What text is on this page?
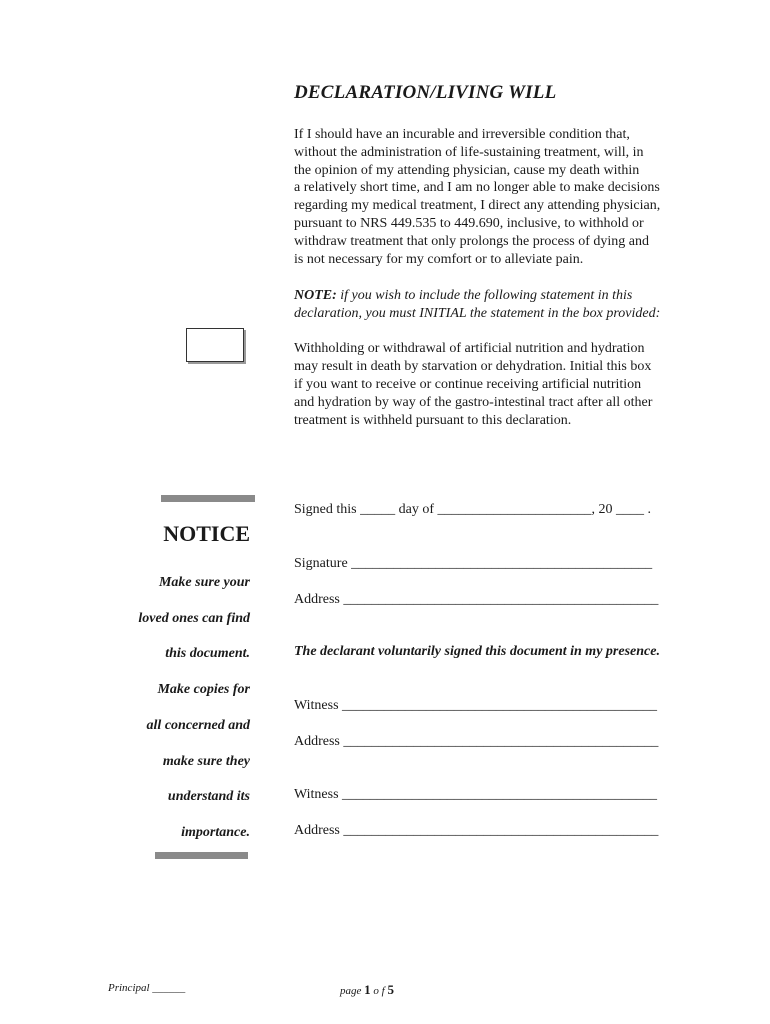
DECLARATION/LIVING WILL
If I should have an incurable and irreversible condition that,
without the administration of life-sustaining treatment, will, in
the opinion of my attending physician, cause my death within
a relatively short time, and I am no longer able to make decisions
regarding my medical treatment, I direct any attending physician,
pursuant to NRS 449.535 to 449.690, inclusive, to withhold or
withdraw treatment that only prolongs the process of dying and
is not necessary for my comfort or to alleviate pain.
NOTE: if you wish to include the following statement in this
declaration, you must INITIAL the statement in the box provided:
Withholding or withdrawal of artificial nutrition and hydration
may result in death by starvation or dehydration. Initial this box
if you want to receive or continue receiving artificial nutrition
and hydration by way of the gastro-intestinal tract after all other
treatment is withheld pursuant to this declaration.
NOTICE
Make sure your
loved ones can find
this document.
Make copies for
all concerned and
make sure they
understand its
importance.
Signed this _____ day of ______________________, 20 ____ .
Signature ___________________________________________
Address _____________________________________________
The declarant voluntarily signed this document in my presence.
Witness _____________________________________________
Address _____________________________________________
Witness _____________________________________________
Address _____________________________________________
Principal ______	page 1 o f 5
